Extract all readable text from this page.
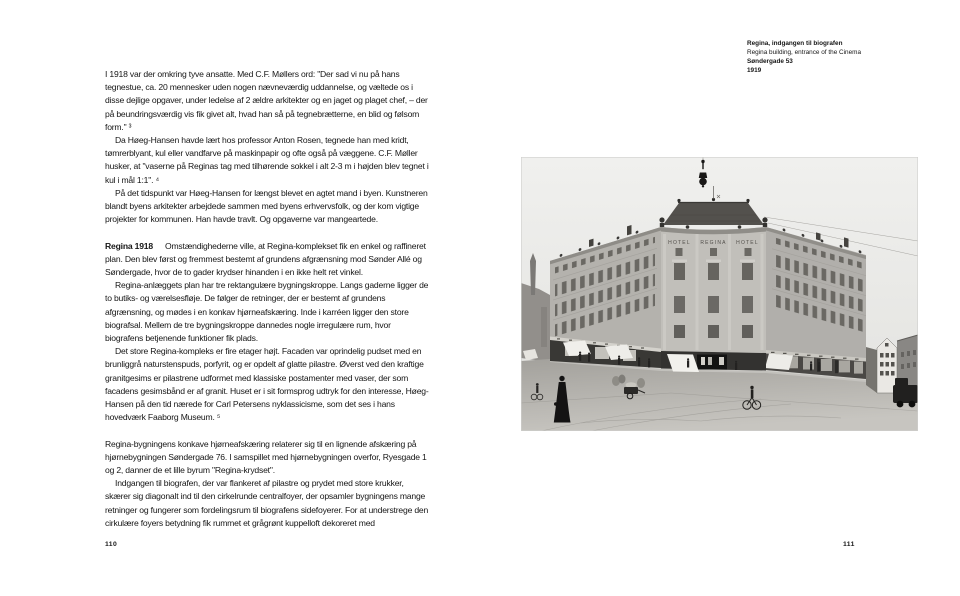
I 1918 var der omkring tyve ansatte. Med C.F. Møllers ord: "Der sad vi nu på hans tegnestue, ca. 20 mennesker uden nogen nævneværdig uddannelse, og væltede os i disse dejlige opgaver, under ledelse af 2 ældre arkitekter og en jaget og plaget chef, – der på beundringsværdig vis fik givet alt, hvad han så på tegnebrætterne, en blid og følsom form." ³

Da Høeg-Hansen havde lært hos professor Anton Rosen, tegnede han med kridt, tømrerblyant, kul eller vandfarve på maskinpapir og ofte også på væggene. C.F. Møller husker, at "vaserne på Reginas tag med tilhørende sokkel i alt 2-3 m i højden blev tegnet i kul i mål 1:1". ⁴

På det tidspunkt var Høeg-Hansen for længst blevet en agtet mand i byen. Kunstneren blandt byens arkitekter arbejdede sammen med byens erhvervsfolk, og der kom vigtige projekter for kommunen. Han havde travlt. Og opgaverne var mangeartede.

Regina 1918 Omstændighederne ville, at Regina-komplekset fik en enkel og raffineret plan. Den blev først og fremmest bestemt af grundens afgrænsning mod Sønder Allé og Søndergade, hvor de to gader krydser hinanden i en ikke helt ret vinkel.

Regina-anlæggets plan har tre rektangulære bygningskroppe. Langs gaderne ligger de to butiks- og værelsesfløje. De følger de retninger, der er bestemt af grundens afgrænsning, og mødes i en konkav hjørneafskæring. Inde i karréen ligger den store biografsal. Mellem de tre bygningskroppe dannedes nogle irregulære rum, hvor biografens betjenende funktioner fik plads.

Det store Regina-kompleks er fire etager højt. Facaden var oprindelig pudset med en brunliggrå naturstenspuds, porfyrit, og er opdelt af glatte pilastre. Øverst ved den kraftige granitgesims er pilastrene udformet med klassiske postamenter med vaser, der som facadens gesimsbånd er af granit. Huset er i sit formsprog udtryk for den interesse, Høeg-Hansen på den tid nærede for Carl Petersens nyklassicisme, som det ses i hans hovedværk Faaborg Museum. ⁵

Regina-bygningens konkave hjørneafskæring relaterer sig til en lignende afskæring på hjørnebygningen Søndergade 76. I samspillet med hjørnebygningen overfor, Ryesgade 1 og 2, danner de et lille byrum "Regina-krydset".

Indgangen til biografen, der var flankeret af pilastre og prydet med store krukker, skærer sig diagonalt ind til den cirkelrunde centralfoyer, der opsamler bygningens mange retninger og fungerer som fordelingsrum til biografens sidefoyerer. For at understrege den cirkulære foyers betydning fik rummet et grågrønt kuppelloft dekoreret med

110
Regina, indgangen til biografen
Regina building, entrance of the Cinema
Søndergade 53
1919
HOTEL REGINA HOTEL
111
